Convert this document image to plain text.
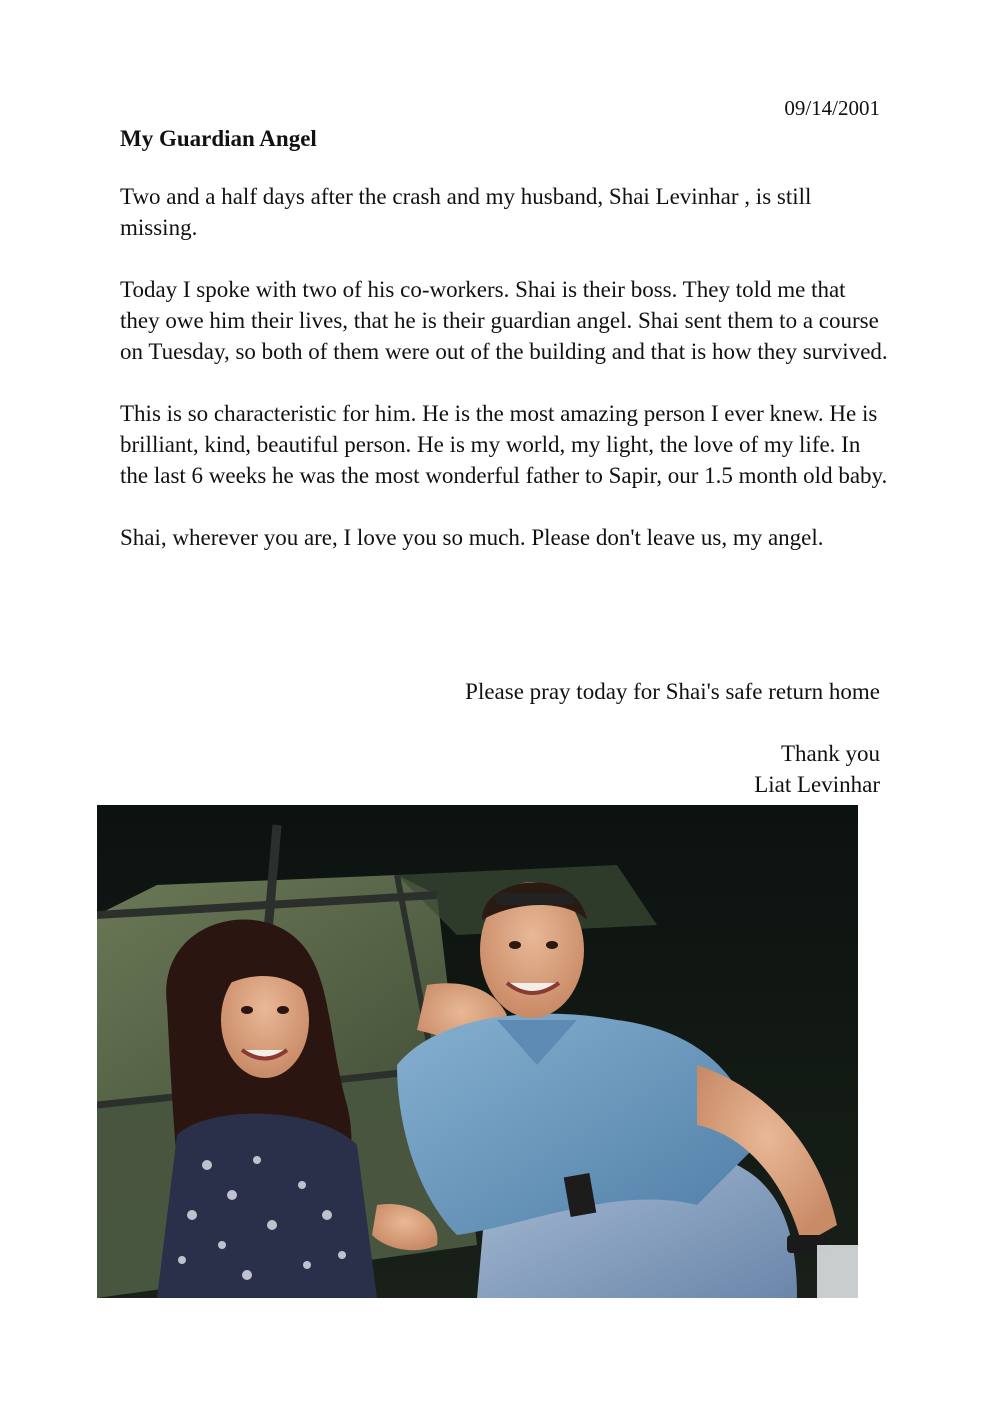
09/14/2001
My Guardian Angel

Two and a half days after the crash and my husband, Shai Levinhar , is still missing.

Today I spoke with two of his co-workers. Shai is their boss. They told me that they owe him their lives, that he is their guardian angel. Shai sent them to a course on Tuesday, so both of them were out of the building and that is how they survived.

This is so characteristic for him. He is the most amazing person I ever knew. He is brilliant, kind, beautiful person. He is my world, my light, the love of my life. In the last 6 weeks he was the most wonderful father to Sapir, our 1.5 month old baby.

Shai, wherever you are, I love you so much. Please don't leave us, my angel.

Please pray today for Shai's safe return home
Thank you
Liat Levinhar
